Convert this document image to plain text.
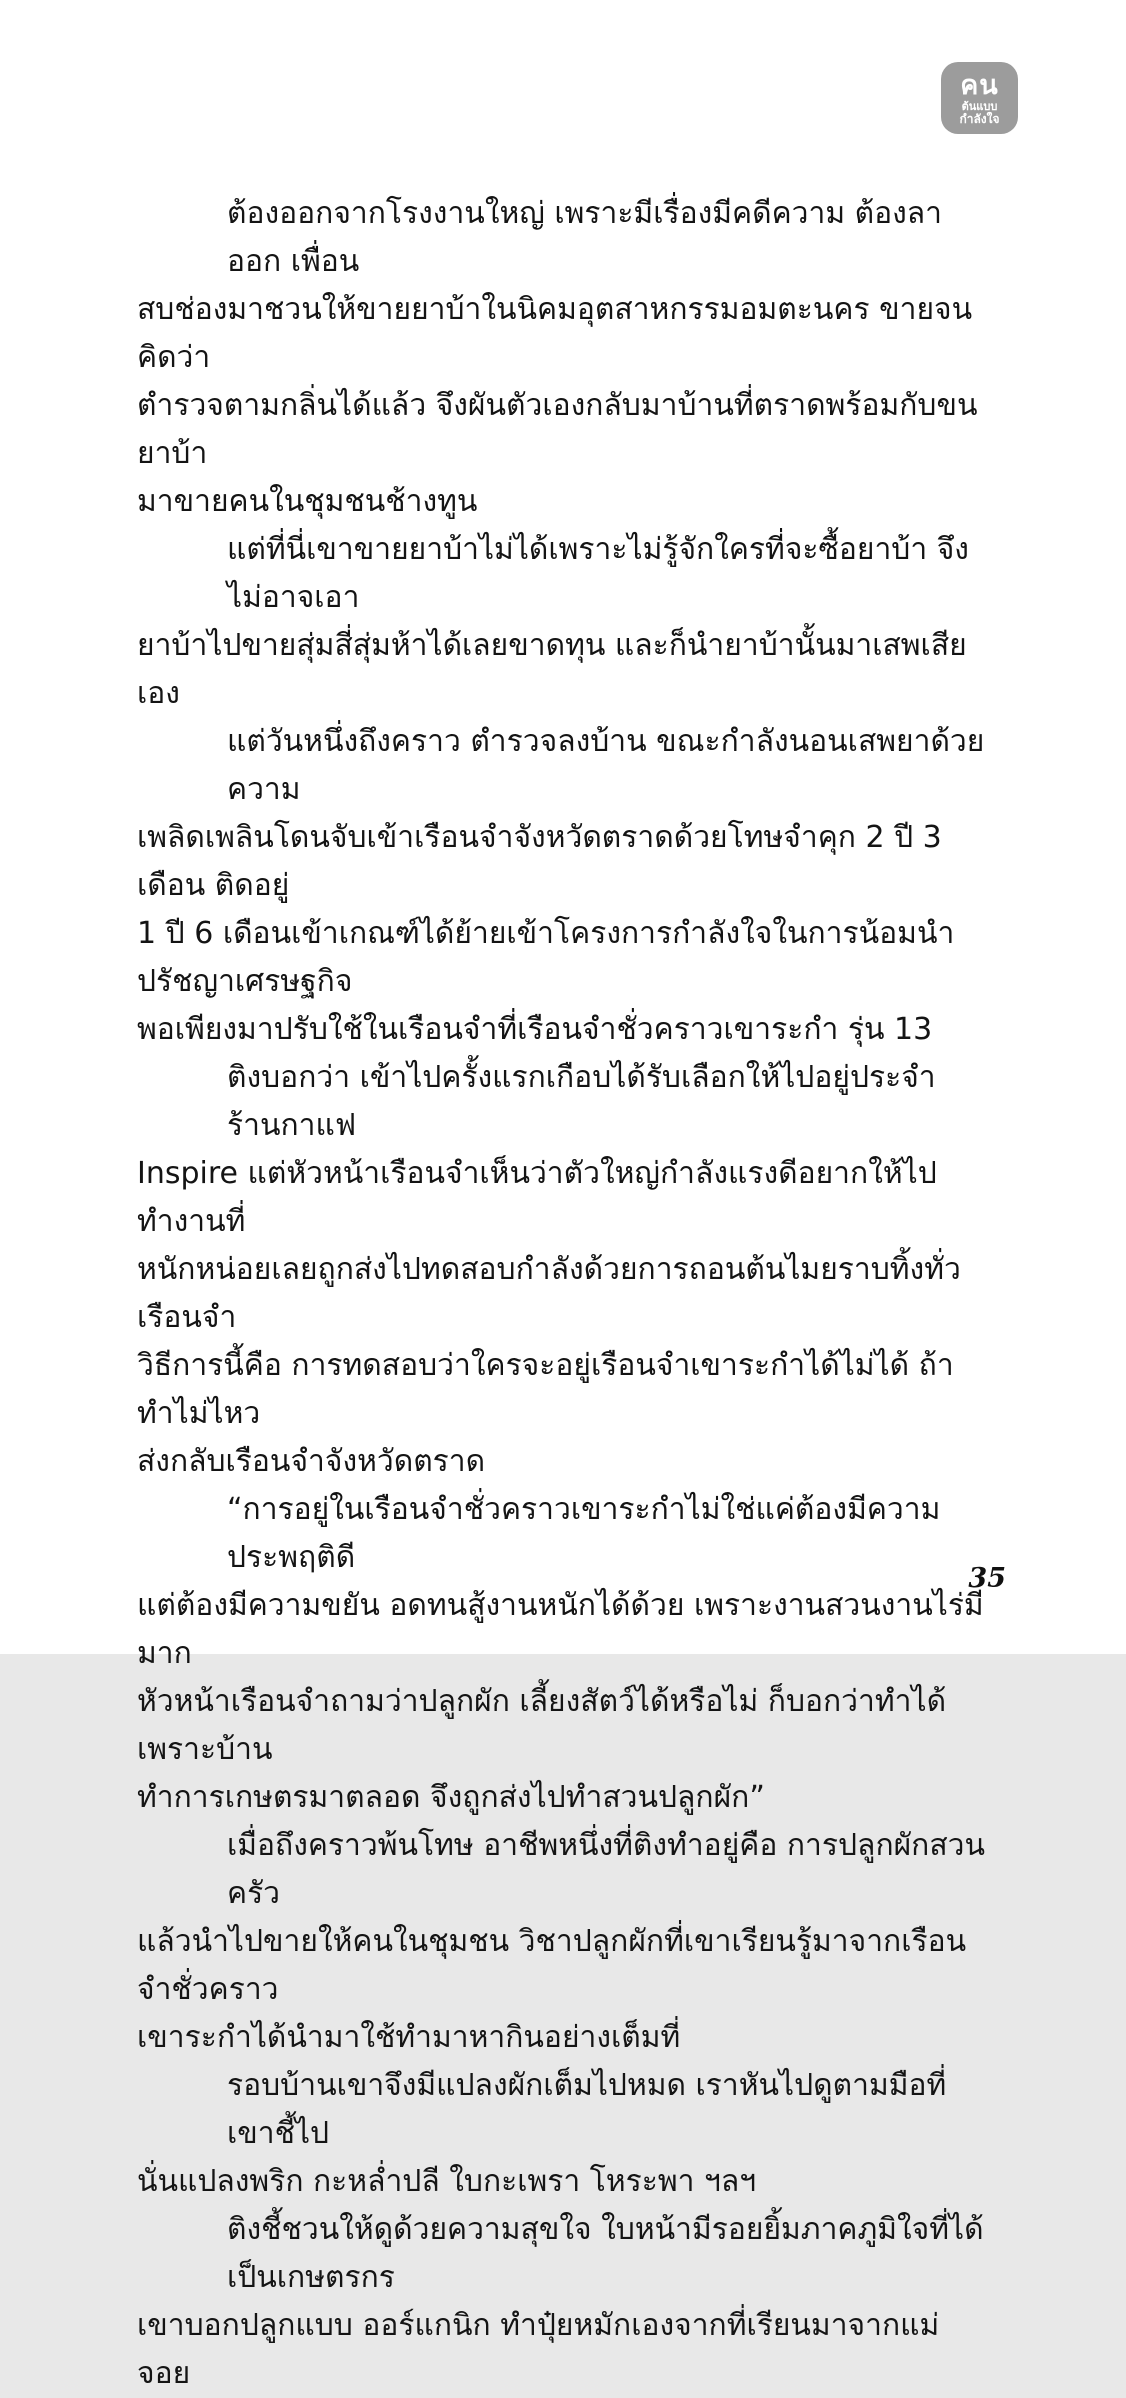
คน
ต้นแบบ
กำลังใจ
ต้องออกจากโรงงานใหญ่ เพราะมีเรื่องมีคดีความ ต้องลาออก เพื่อน
สบช่องมาชวนให้ขายยาบ้าในนิคมอุตสาหกรรมอมตะนคร ขายจนคิดว่า
ตำรวจตามกลิ่นได้แล้ว จึงผันตัวเองกลับมาบ้านที่ตราดพร้อมกับขนยาบ้า
มาขายคนในชุมชนช้างทูน
แต่ที่นี่เขาขายยาบ้าไม่ได้เพราะไม่รู้จักใครที่จะซื้อยาบ้า จึงไม่อาจเอา
ยาบ้าไปขายสุ่มสี่สุ่มห้าได้เลยขาดทุน และก็นำยาบ้านั้นมาเสพเสียเอง
แต่วันหนึ่งถึงคราว ตำรวจลงบ้าน ขณะกำลังนอนเสพยาด้วยความ
เพลิดเพลินโดนจับเข้าเรือนจำจังหวัดตราดด้วยโทษจำคุก 2 ปี 3 เดือน ติดอยู่
1 ปี 6 เดือนเข้าเกณฑ์ได้ย้ายเข้าโครงการกำลังใจในการน้อมนำปรัชญาเศรษฐกิจ
พอเพียงมาปรับใช้ในเรือนจำที่เรือนจำชั่วคราวเขาระกำ รุ่น 13
ติงบอกว่า เข้าไปครั้งแรกเกือบได้รับเลือกให้ไปอยู่ประจำร้านกาแฟ
Inspire แต่หัวหน้าเรือนจำเห็นว่าตัวใหญ่กำลังแรงดีอยากให้ไปทำงานที่
หนักหน่อยเลยถูกส่งไปทดสอบกำลังด้วยการถอนต้นไมยราบทิ้งทั่วเรือนจำ
วิธีการนี้คือ การทดสอบว่าใครจะอยู่เรือนจำเขาระกำได้ไม่ได้ ถ้าทำไม่ไหว
ส่งกลับเรือนจำจังหวัดตราด
“การอยู่ในเรือนจำชั่วคราวเขาระกำไม่ใช่แค่ต้องมีความประพฤติดี
แต่ต้องมีความขยัน อดทนสู้งานหนักได้ด้วย เพราะงานสวนงานไร่มีมาก
หัวหน้าเรือนจำถามว่าปลูกผัก เลี้ยงสัตว์ได้หรือไม่ ก็บอกว่าทำได้เพราะบ้าน
ทำการเกษตรมาตลอด จึงถูกส่งไปทำสวนปลูกผัก”
เมื่อถึงคราวพ้นโทษ อาชีพหนึ่งที่ติงทำอยู่คือ การปลูกผักสวนครัว
แล้วนำไปขายให้คนในชุมชน วิชาปลูกผักที่เขาเรียนรู้มาจากเรือนจำชั่วคราว
เขาระกำได้นำมาใช้ทำมาหากินอย่างเต็มที่
รอบบ้านเขาจึงมีแปลงผักเต็มไปหมด เราหันไปดูตามมือที่เขาชี้ไป
นั่นแปลงพริก กะหล่ำปลี ใบกะเพรา โหระพา ฯลฯ
ติงชี้ชวนให้ดูด้วยความสุขใจ ใบหน้ามีรอยยิ้มภาคภูมิใจที่ได้เป็นเกษตรกร
เขาบอกปลูกแบบ ออร์แกนิก ทำปุ๋ยหมักเองจากที่เรียนมาจากแม่จอย
35
